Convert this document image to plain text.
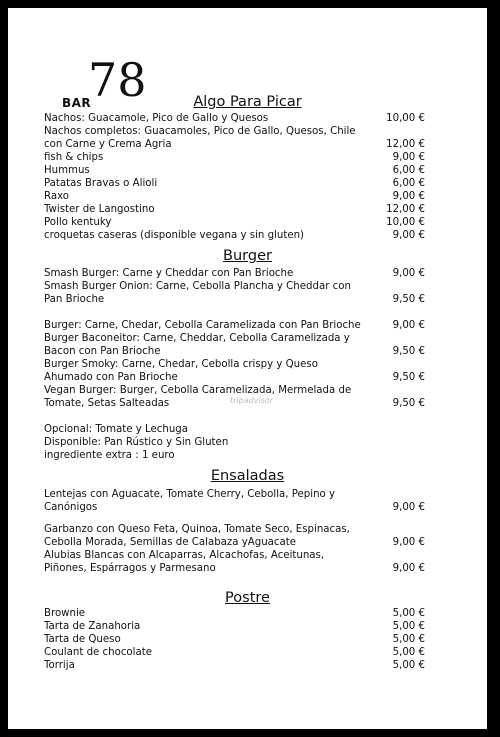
BAR
78	Algo Para Picar
Nachos: Guacamole, Pico de Gallo y Quesos	10,00 €
Nachos completos: Guacamoles, Pico de Gallo, Quesos, Chile
con Carne y Crema Agria	12,00 €
fish & chips	9,00 €
Hummus	6,00 €
Patatas Bravas o Alioli	6,00 €
Raxo	9,00 €
Twister de Langostino	12,00 €
Pollo kentuky	10,00 €
croquetas caseras (disponible vegana y sin gluten)	9,00 €
Burger
Smash Burger: Carne y Cheddar con Pan Brioche	9,00 €
Smash Burger Onion: Carne, Cebolla Plancha y Cheddar con
Pan Brioche	9,50 €
Burger: Carne, Chedar, Cebolla Caramelizada con Pan Brioche	9,00 €
Burger Baconeitor: Carne, Cheddar, Cebolla Caramelizada y
Bacon con Pan Brioche	9,50 €
Burger Smoky: Carne, Chedar, Cebolla crispy y Queso
Ahumado con Pan Brioche	9,50 €
Vegan Burger: Burger, Cebolla Caramelizada, Mermelada de
Tomate, Setas Salteadas	9,50 €
tripadvisor
Opcional: Tomate y Lechuga
Disponible: Pan Rústico y Sin Gluten
ingrediente extra : 1 euro
Ensaladas
Lentejas con Aguacate, Tomate Cherry, Cebolla, Pepino y
Canónigos	9,00 €
Garbanzo con Queso Feta, Quinoa, Tomate Seco, Espinacas,
Cebolla Morada, Semillas de Calabaza yAguacate	9,00 €
Alubias Blancas con Alcaparras, Alcachofas, Aceitunas,
Piñones, Espárragos y Parmesano	9,00 €
Postre
Brownie	5,00 €
Tarta de Zanahoria	5,00 €
Tarta de Queso	5,00 €
Coulant de chocolate	5,00 €
Torrija	5,00 €
